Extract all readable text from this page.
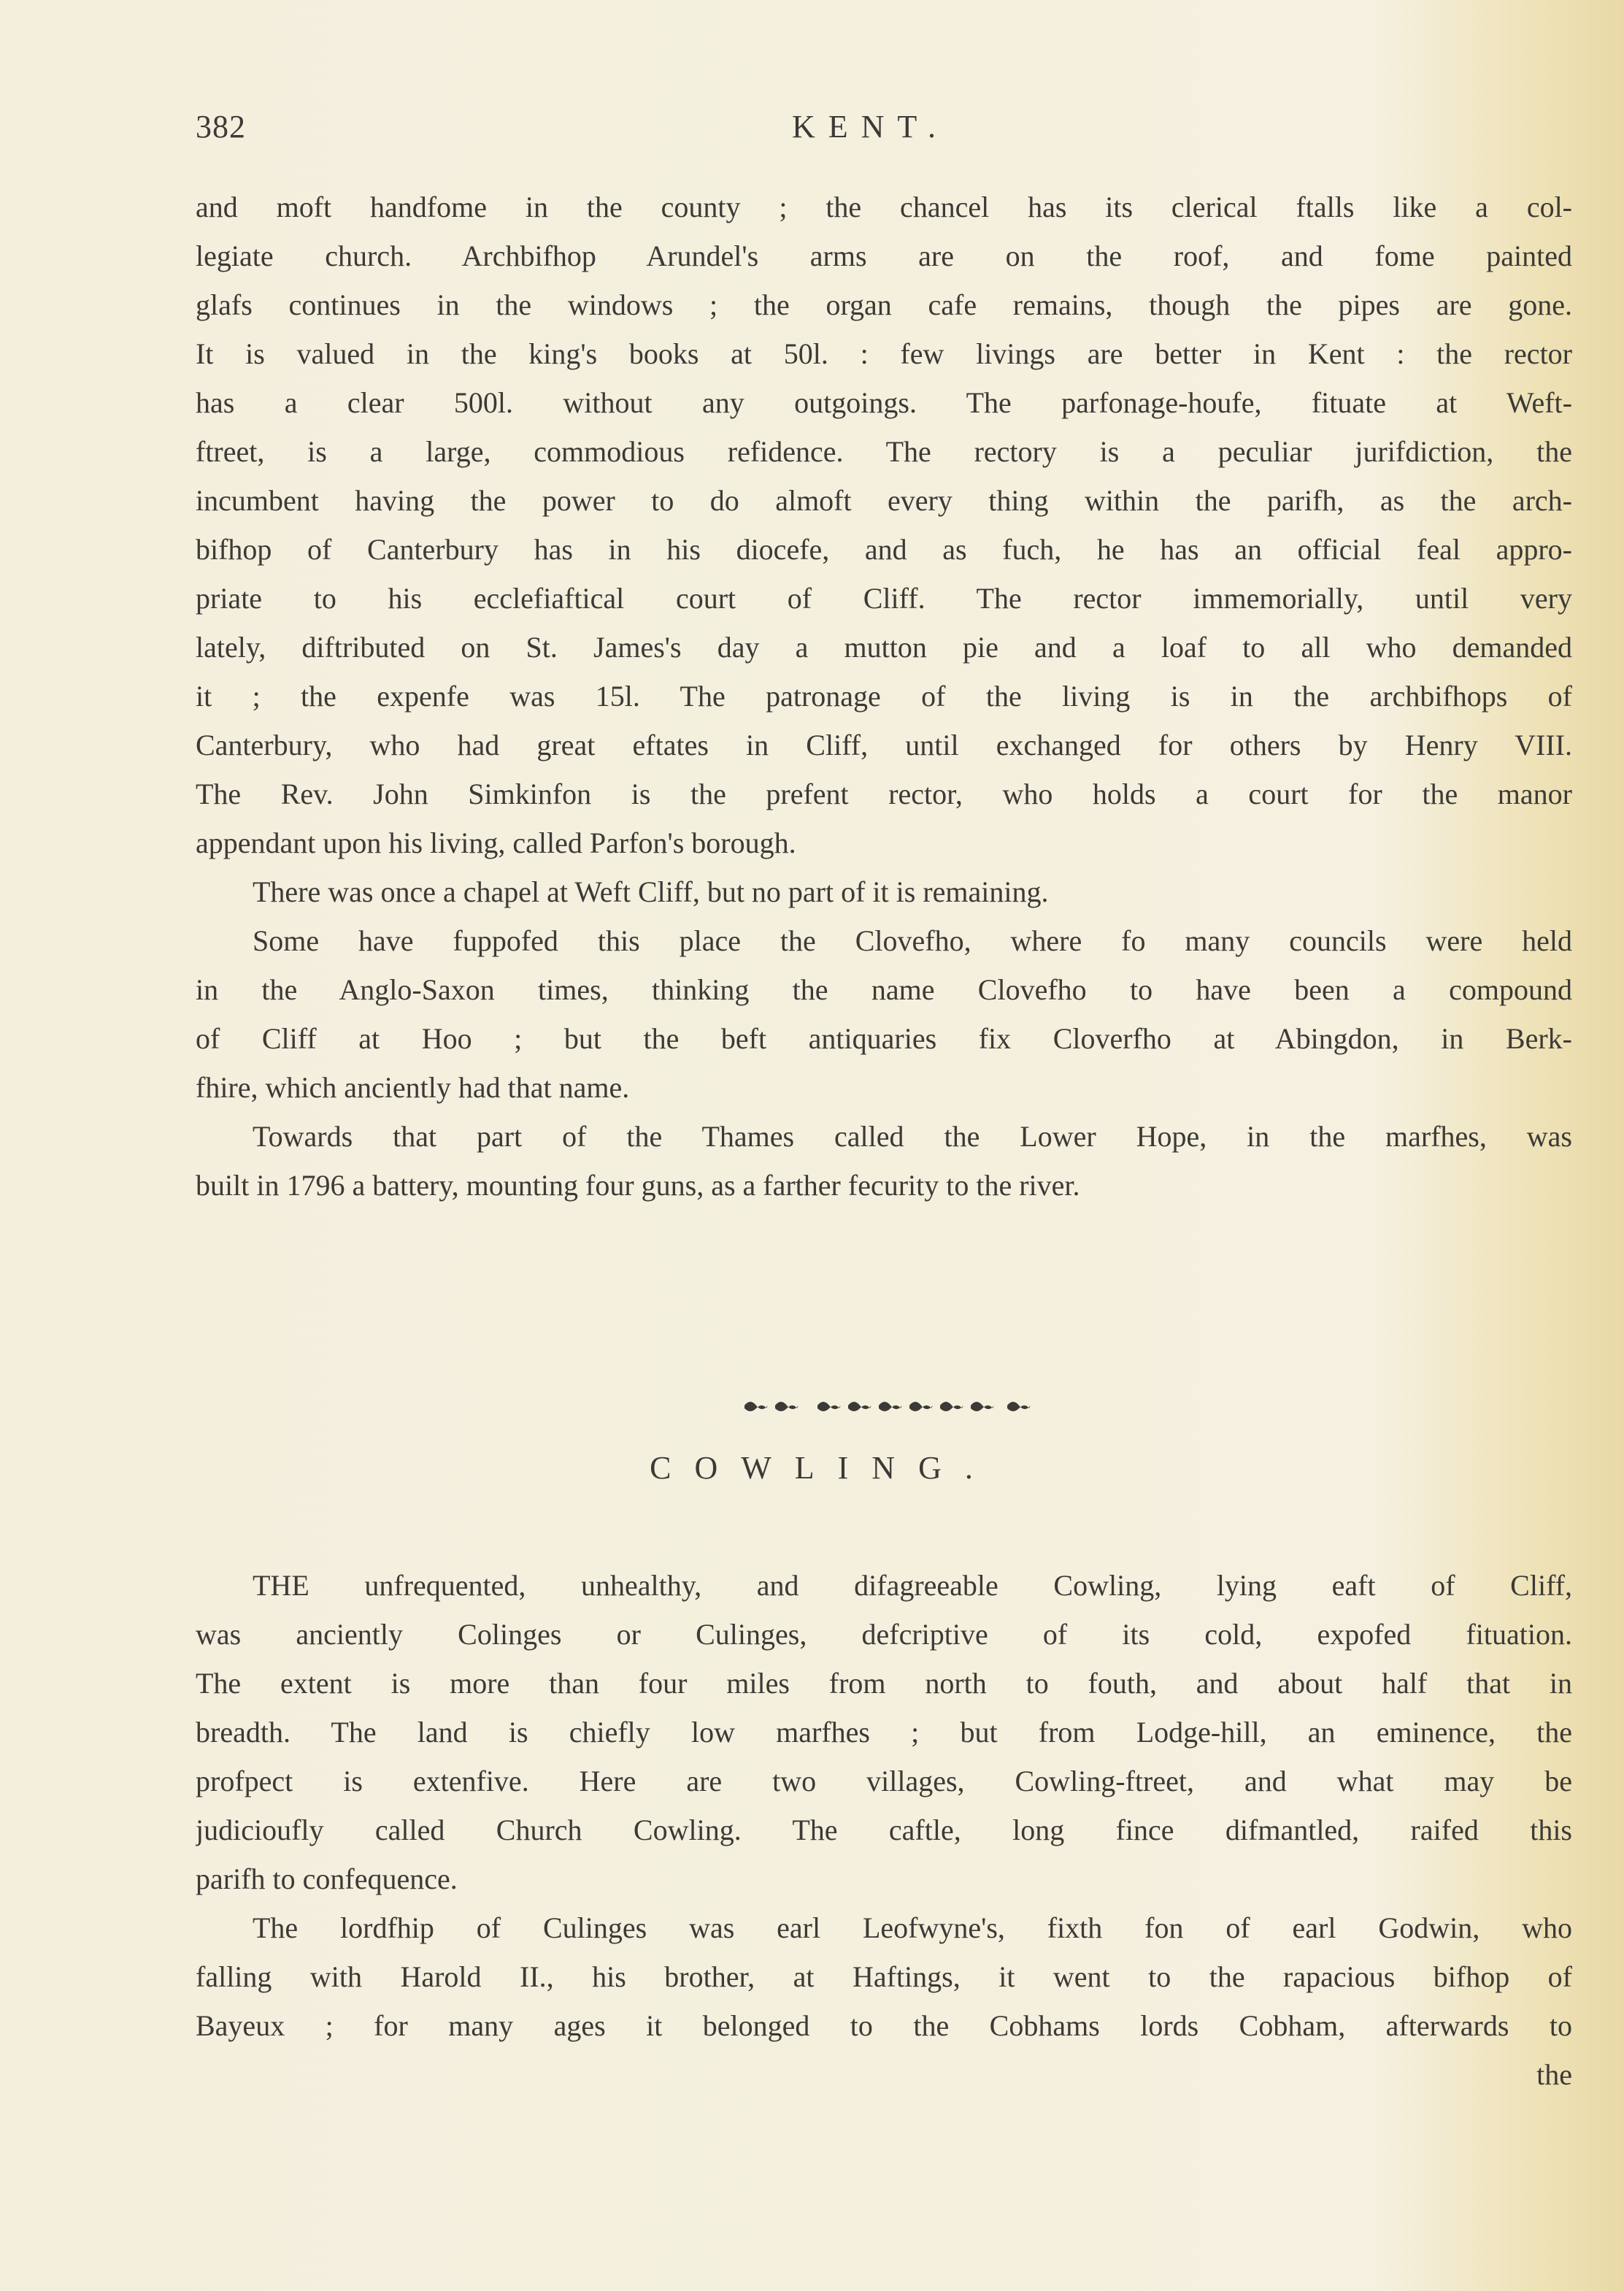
382	KENT.
and moft handfome in the county ; the chancel has its clerical ftalls like a col-
legiate church. Archbifhop Arundel's arms are on the roof, and fome painted
glafs continues in the windows ; the organ cafe remains, though the pipes are gone.
It is valued in the king's books at 50l. : few livings are better in Kent : the rector
has a clear 500l. without any outgoings. The parfonage-houfe, fituate at Weft-
ftreet, is a large, commodious refidence. The rectory is a peculiar jurifdiction, the
incumbent having the power to do almoft every thing within the parifh, as the arch-
bifhop of Canterbury has in his diocefe, and as fuch, he has an official feal appro-
priate to his ecclefiaftical court of Cliff. The rector immemorially, until very
lately, diftributed on St. James's day a mutton pie and a loaf to all who demanded
it ; the expenfe was 15l. The patronage of the living is in the archbifhops of
Canterbury, who had great eftates in Cliff, until exchanged for others by Henry VIII.
The Rev. John Simkinfon is the prefent rector, who holds a court for the manor
appendant upon his living, called Parfon's borough.
There was once a chapel at Weft Cliff, but no part of it is remaining.
Some have fuppofed this place the Clovefho, where fo many councils were held
in the Anglo-Saxon times, thinking the name Clovefho to have been a compound
of Cliff at Hoo ; but the beft antiquaries fix Cloverfho at Abingdon, in Berk-
fhire, which anciently had that name.
Towards that part of the Thames called the Lower Hope, in the marfhes, was
built in 1796 a battery, mounting four guns, as a farther fecurity to the river.
COWLING.
THE unfrequented, unhealthy, and difagreeable Cowling, lying eaft of Cliff,
was anciently Colinges or Culinges, defcriptive of its cold, expofed fituation.
The extent is more than four miles from north to fouth, and about half that in
breadth. The land is chiefly low marfhes ; but from Lodge-hill, an eminence, the
profpect is extenfive. Here are two villages, Cowling-ftreet, and what may be
judicioufly called Church Cowling. The caftle, long fince difmantled, raifed this
parifh to confequence.
The lordfhip of Culinges was earl Leofwyne's, fixth fon of earl Godwin, who
falling with Harold II., his brother, at Haftings, it went to the rapacious bifhop of
Bayeux ; for many ages it belonged to the Cobhams lords Cobham, afterwards to
the
